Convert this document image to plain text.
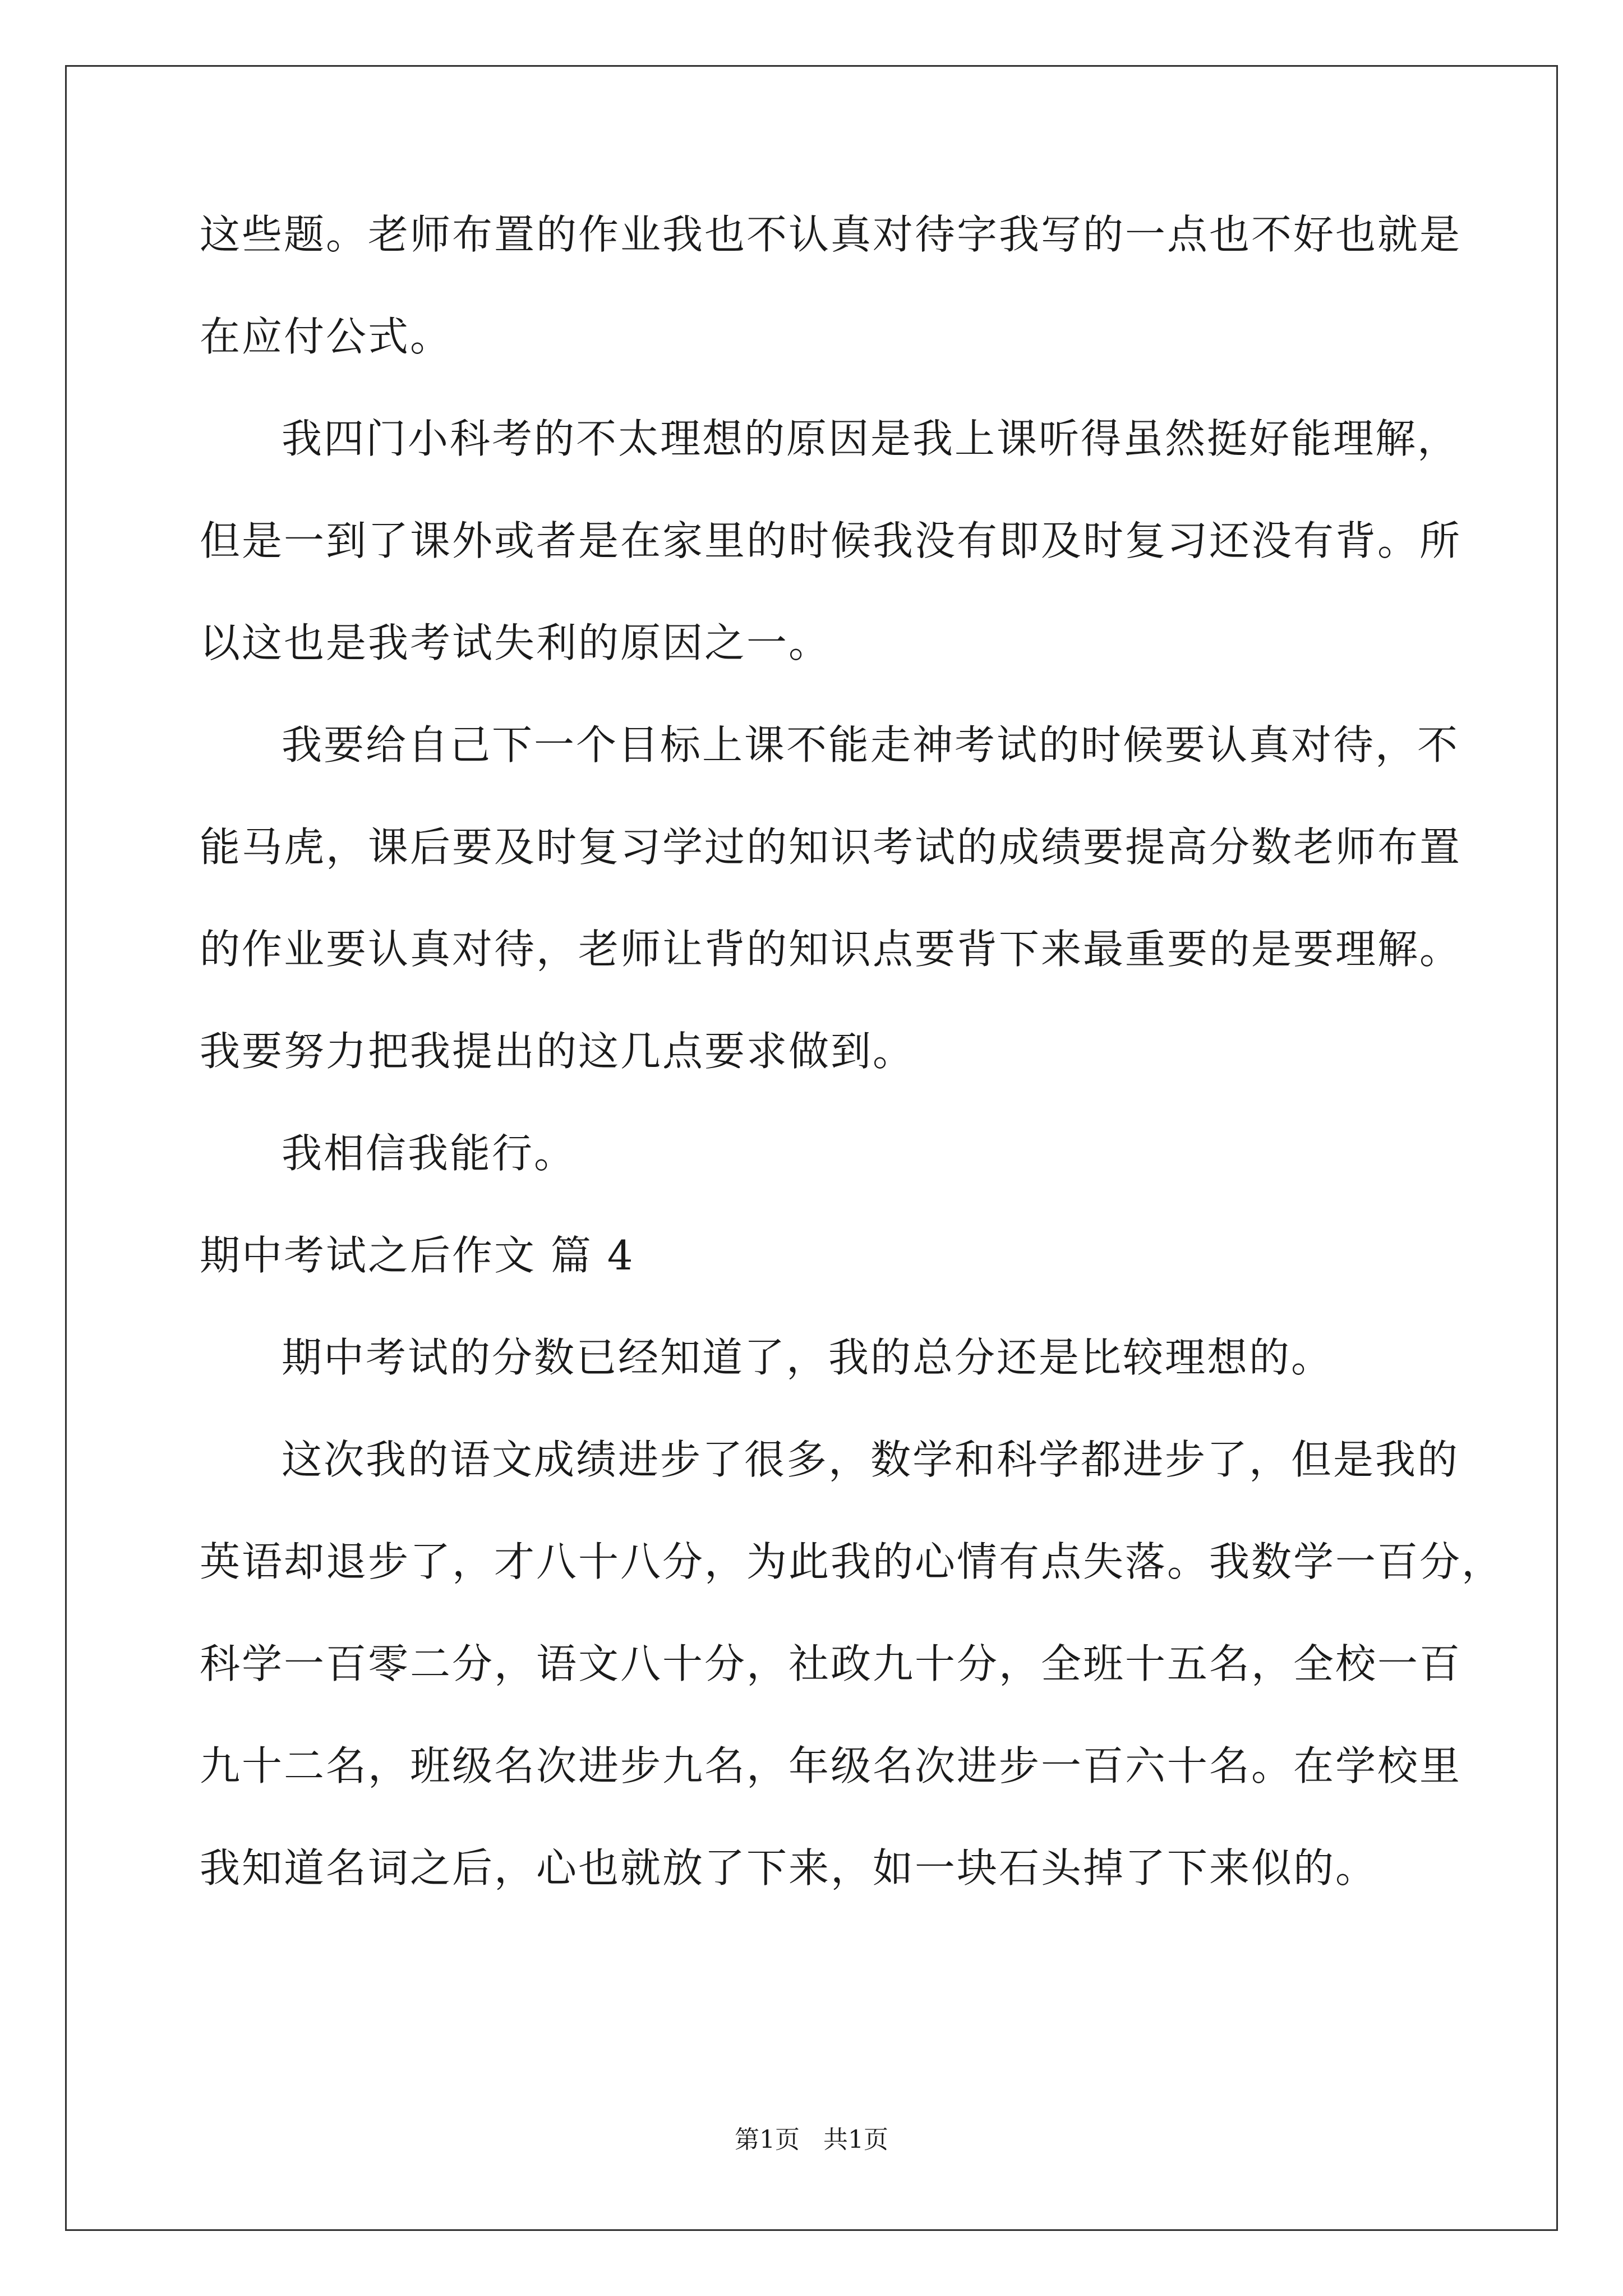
这些题。老师布置的作业我也不认真对待字我写的一点也不好也就是
在应付公式。
我四门小科考的不太理想的原因是我上课听得虽然挺好能理解，
但是一到了课外或者是在家里的时候我没有即及时复习还没有背。所
以这也是我考试失利的原因之一。
我要给自己下一个目标上课不能走神考试的时候要认真对待，不
能马虎，课后要及时复习学过的知识考试的成绩要提高分数老师布置
的作业要认真对待，老师让背的知识点要背下来最重要的是要理解。
我要努力把我提出的这几点要求做到。
我相信我能行。
期中考试之后作文 篇 4
期中考试的分数已经知道了，我的总分还是比较理想的。
这次我的语文成绩进步了很多，数学和科学都进步了，但是我的
英语却退步了，才八十八分，为此我的心情有点失落。我数学一百分，
科学一百零二分，语文八十分，社政九十分，全班十五名，全校一百
九十二名，班级名次进步九名，年级名次进步一百六十名。在学校里
我知道名词之后，心也就放了下来，如一块石头掉了下来似的。
第1页   共1页
